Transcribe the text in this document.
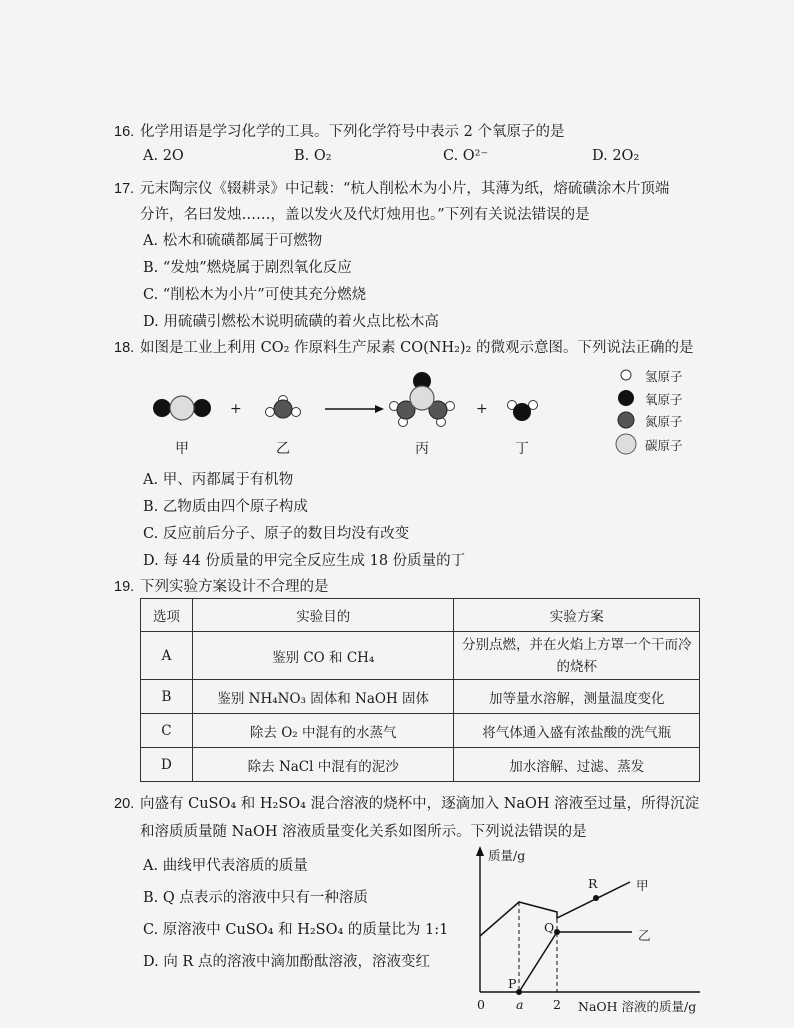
16. 化学用语是学习化学的工具。下列化学符号中表示 2 个氧原子的是
A. 2O	B. O₂	C. O²⁻	D. 2O₂
17. 元末陶宗仪《辍耕录》中记载：“杭人削松木为小片，其薄为纸，熔硫磺涂木片顶端
分许，名曰发烛……，盖以发火及代灯烛用也。”下列有关说法错误的是
A. 松木和硫磺都属于可燃物
B. “发烛”燃烧属于剧烈氧化反应
C. “削松木为小片”可使其充分燃烧
D. 用硫磺引燃松木说明硫磺的着火点比松木高
18. 如图是工业上利用 CO₂ 作原料生产尿素 CO(NH₂)₂ 的微观示意图。下列说法正确的是
+	+
甲	乙	丙	丁
氢原子
氧原子
氮原子
碳原子
A. 甲、丙都属于有机物
B. 乙物质由四个原子构成
C. 反应前后分子、原子的数目均没有改变
D. 每 44 份质量的甲完全反应生成 18 份质量的丁
19. 下列实验方案设计不合理的是
选项	实验目的	实验方案
A	鉴别 CO 和 CH₄	分别点燃，并在火焰上方罩一个干而冷的烧杯
B	鉴别 NH₄NO₃ 固体和 NaOH 固体	加等量水溶解，测量温度变化
C	除去 O₂ 中混有的水蒸气	将气体通入盛有浓盐酸的洗气瓶
D	除去 NaCl 中混有的泥沙	加水溶解、过滤、蒸发
20. 向盛有 CuSO₄ 和 H₂SO₄ 混合溶液的烧杯中，逐滴加入 NaOH 溶液至过量，所得沉淀
和溶质质量随 NaOH 溶液质量变化关系如图所示。下列说法错误的是
A. 曲线甲代表溶质的质量
B. Q 点表示的溶液中只有一种溶质
C. 原溶液中 CuSO₄ 和 H₂SO₄ 的质量比为 1:1
D. 向 R 点的溶液中滴加酚酞溶液，溶液变红
质量/g
0 a 2 NaOH 溶液的质量/g
甲
乙
R
Q
P
